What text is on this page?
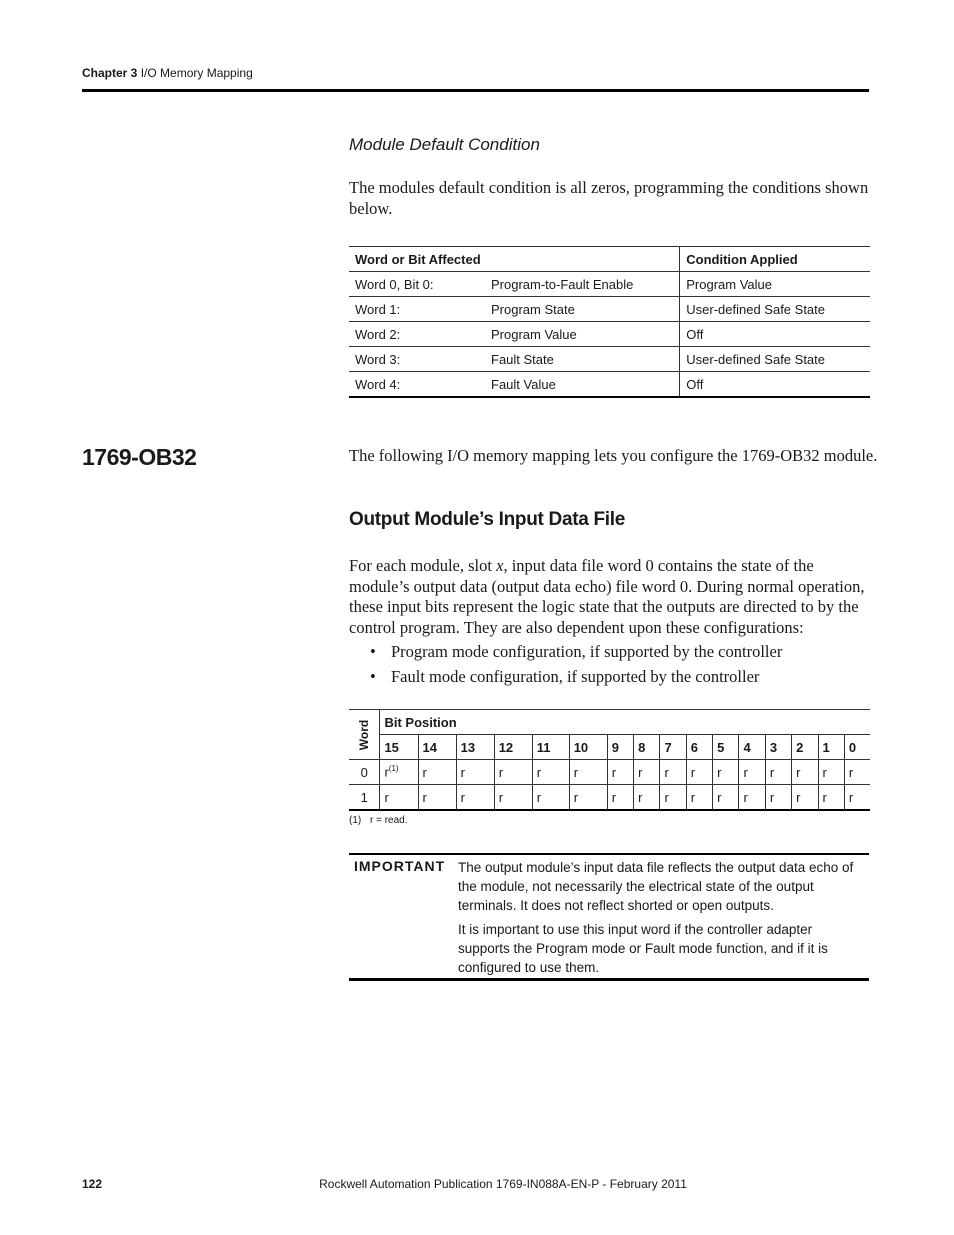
Chapter 3 I/O Memory Mapping
Module Default Condition
The modules default condition is all zeros, programming the conditions shown below.
Word or Bit Affected		Condition Applied
Word 0, Bit 0:	Program-to-Fault Enable	Program Value
Word 1:	Program State	User-defined Safe State
Word 2:	Program Value	Off
Word 3:	Fault State	User-defined Safe State
Word 4:	Fault Value	Off
1769-OB32	The following I/O memory mapping lets you configure the 1769-OB32 module.
Output Module’s Input Data File
For each module, slot x, input data file word 0 contains the state of the module’s output data (output data echo) file word 0. During normal operation, these input bits represent the logic state that the outputs are directed to by the control program. They are also dependent upon these configurations:
• Program mode configuration, if supported by the controller
• Fault mode configuration, if supported by the controller
Word	Bit Position															
	15	14	13	12	11	10	9	8	7	6	5	4	3	2	1	0
0	$r^{(1)}$	r	r	r	r	r	r	r	r	r	r	r	r	r	r	r
1	r	r	r	r	r	r	r	r	r	r	r	r	r	r	r	r
(1) r = read.
IMPORTANT The output module’s input data file reflects the output data echo of the module, not necessarily the electrical state of the output terminals. It does not reflect shorted or open outputs.

It is important to use this input word if the controller adapter supports the Program mode or Fault mode function, and if it is configured to use them.

122	Rockwell Automation Publication 1769-IN088A-EN-P - February 2011
